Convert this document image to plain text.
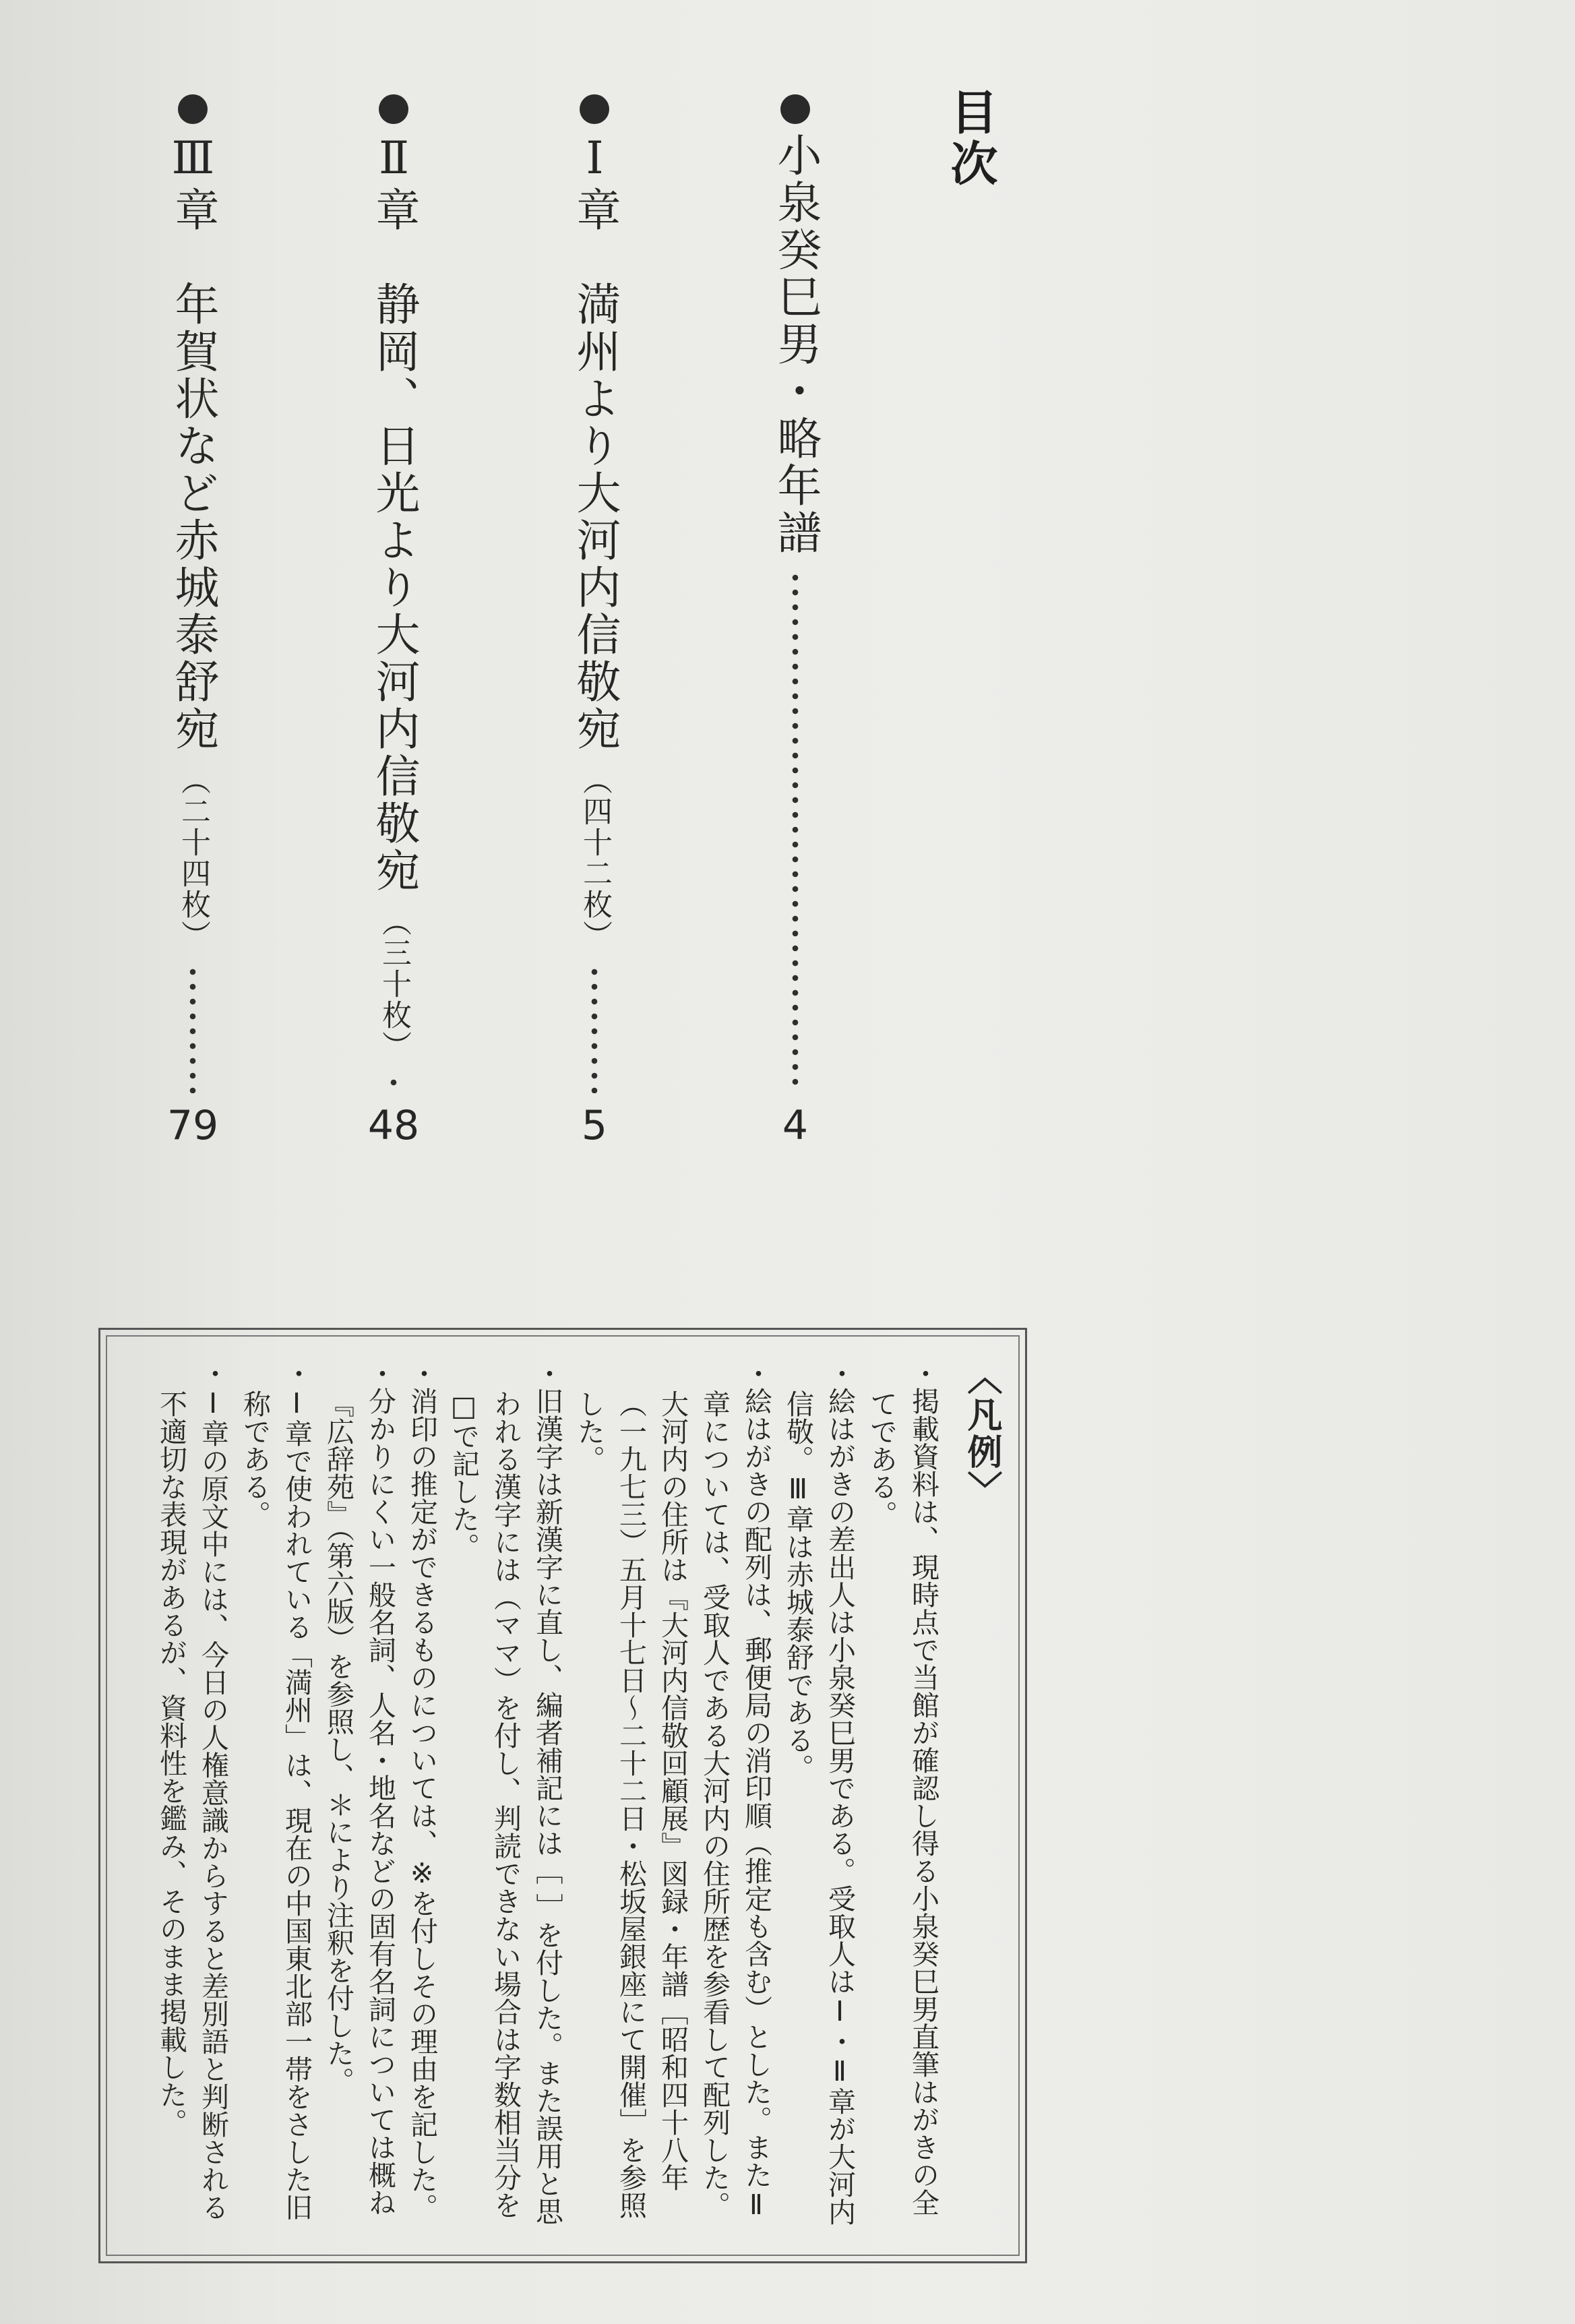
目次
小泉癸巳男・略年譜
4
Ⅰ章
満州より大河内信敬宛
（四十二枚）
5
Ⅱ章
静岡、日光より大河内信敬宛
（三十枚）
48
Ⅲ章
年賀状など赤城泰舒宛
（二十四枚）
79
〈凡例〉
・掲載資料は、現時点で当館が確認し得る小泉癸巳男直筆はがきの全てである。
・絵はがきの差出人は小泉癸巳男である。受取人はⅠ・Ⅱ章が大河内信敬。Ⅲ章は赤城泰舒である。
・絵はがきの配列は、郵便局の消印順（推定も含む）とした。またⅡ章については、受取人である大河内の住所歴を参看して配列した。大河内の住所は『大河内信敬回顧展』図録・年譜［昭和四十八年（一九七三）五月十七日〜二十二日・松坂屋銀座にて開催］を参照した。
・旧漢字は新漢字に直し、編者補記には［ ］を付した。また誤用と思われる漢字には（ママ）を付し、判読できない場合は字数相当分を□で記した。
・消印の推定ができるものについては、※を付しその理由を記した。
・分かりにくい一般名詞、人名・地名などの固有名詞については概ね『広辞苑』（第六版）を参照し、＊により注釈を付した。
・Ⅰ章で使われている「満州」は、現在の中国東北部一帯をさした旧称である。
・Ⅰ章の原文中には、今日の人権意識からすると差別語と判断される不適切な表現があるが、資料性を鑑み、そのまま掲載した。
